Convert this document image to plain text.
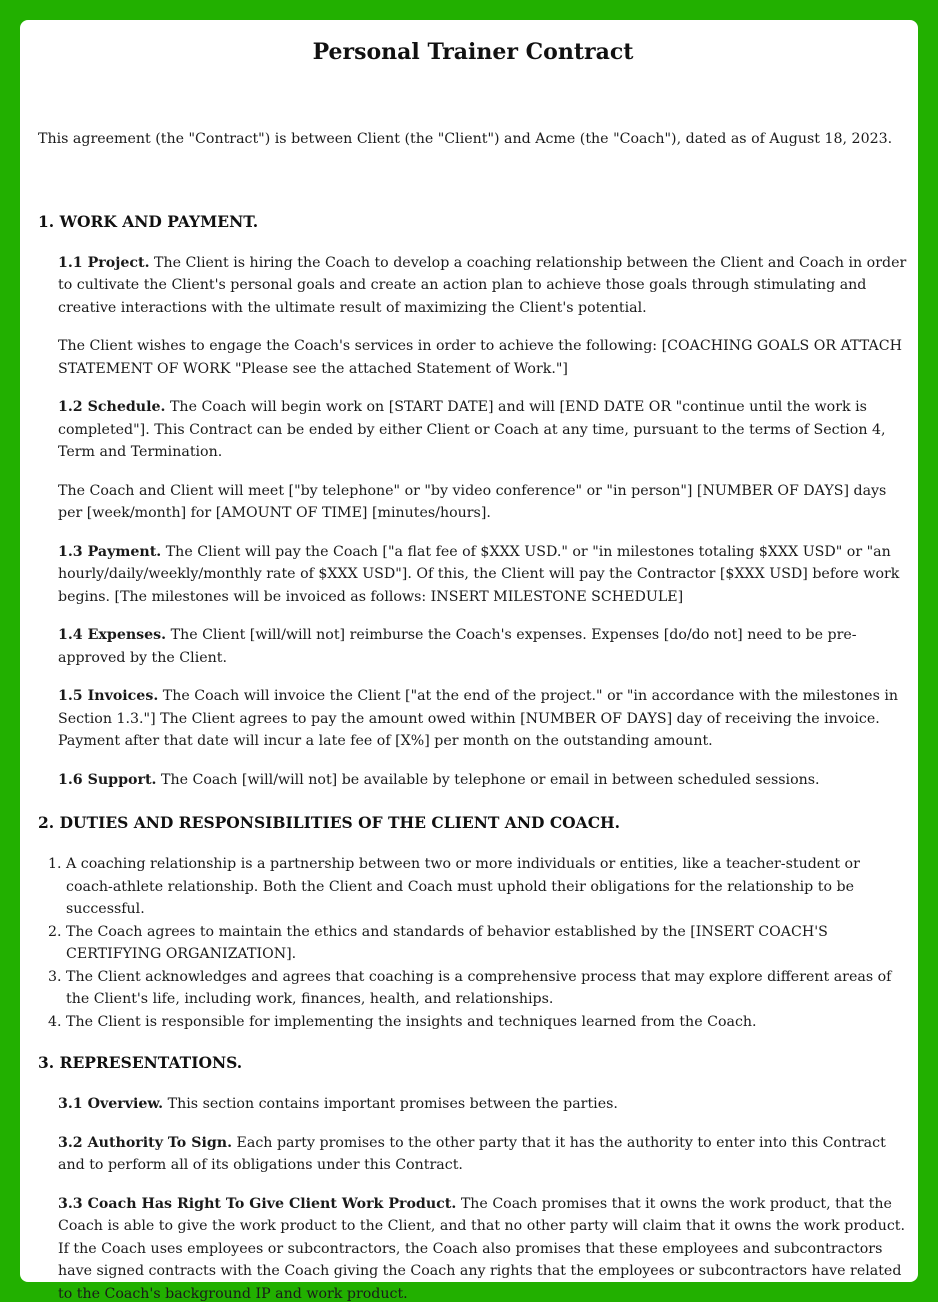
Personal Trainer Contract

This agreement (the "Contract") is between Client (the "Client") and Acme (the "Coach"), dated as of August 18, 2023.

1. WORK AND PAYMENT.

1.1 Project. The Client is hiring the Coach to develop a coaching relationship between the Client and Coach in order to cultivate the Client's personal goals and create an action plan to achieve those goals through stimulating and creative interactions with the ultimate result of maximizing the Client's potential.

The Client wishes to engage the Coach's services in order to achieve the following: [COACHING GOALS OR ATTACH STATEMENT OF WORK "Please see the attached Statement of Work."]

1.2 Schedule. The Coach will begin work on [START DATE] and will [END DATE OR "continue until the work is completed"]. This Contract can be ended by either Client or Coach at any time, pursuant to the terms of Section 4, Term and Termination.

The Coach and Client will meet ["by telephone" or "by video conference" or "in person"] [NUMBER OF DAYS] days per [week/month] for [AMOUNT OF TIME] [minutes/hours].

1.3 Payment. The Client will pay the Coach ["a flat fee of $XXX USD." or "in milestones totaling $XXX USD" or "an hourly/daily/weekly/monthly rate of $XXX USD"]. Of this, the Client will pay the Contractor [$XXX USD] before work begins. [The milestones will be invoiced as follows: INSERT MILESTONE SCHEDULE]

1.4 Expenses. The Client [will/will not] reimburse the Coach's expenses. Expenses [do/do not] need to be pre-approved by the Client.

1.5 Invoices. The Coach will invoice the Client ["at the end of the project." or "in accordance with the milestones in Section 1.3."] The Client agrees to pay the amount owed within [NUMBER OF DAYS] day of receiving the invoice. Payment after that date will incur a late fee of [X%] per month on the outstanding amount.

1.6 Support. The Coach [will/will not] be available by telephone or email in between scheduled sessions.

2. DUTIES AND RESPONSIBILITIES OF THE CLIENT AND COACH.
1. A coaching relationship is a partnership between two or more individuals or entities, like a teacher-student or coach-athlete relationship. Both the Client and Coach must uphold their obligations for the relationship to be successful.
2. The Coach agrees to maintain the ethics and standards of behavior established by the [INSERT COACH'S CERTIFYING ORGANIZATION].
3. The Client acknowledges and agrees that coaching is a comprehensive process that may explore different areas of the Client's life, including work, finances, health, and relationships.
4. The Client is responsible for implementing the insights and techniques learned from the Coach.
3. REPRESENTATIONS.

3.1 Overview. This section contains important promises between the parties.

3.2 Authority To Sign. Each party promises to the other party that it has the authority to enter into this Contract and to perform all of its obligations under this Contract.

3.3 Coach Has Right To Give Client Work Product. The Coach promises that it owns the work product, that the Coach is able to give the work product to the Client, and that no other party will claim that it owns the work product. If the Coach uses employees or subcontractors, the Coach also promises that these employees and subcontractors have signed contracts with the Coach giving the Coach any rights that the employees or subcontractors have related to the Coach's background IP and work product.
